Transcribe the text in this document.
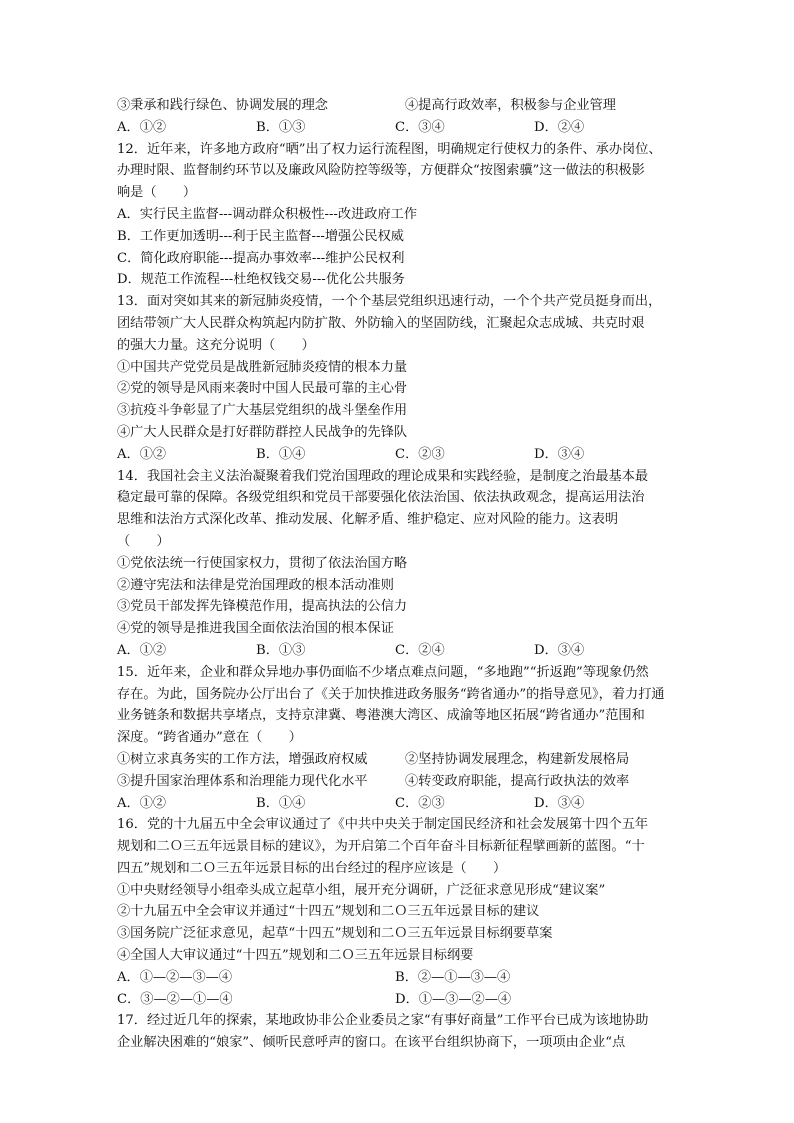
③秉承和践行绿色、协调发展的理念	④提高行政效率，积极参与企业管理
A．①②	B．①③	C．③④	D．②④
12．近年来，许多地方政府“晒”出了权力运行流程图，明确规定行使权力的条件、承办岗位、
办理时限、监督制约环节以及廉政风险防控等级等，方便群众“按图索骥”这一做法的积极影
响是（　　）
A．实行民主监督---调动群众积极性---改进政府工作
B．工作更加透明---利于民主监督---增强公民权威
C．简化政府职能---提高办事效率---维护公民权利
D．规范工作流程---杜绝权钱交易---优化公共服务
13．面对突如其来的新冠肺炎疫情，一个个基层党组织迅速行动，一个个共产党员挺身而出，
团结带领广大人民群众构筑起内防扩散、外防输入的坚固防线，汇聚起众志成城、共克时艰
的强大力量。这充分说明（　　）
①中国共产党党员是战胜新冠肺炎疫情的根本力量
②党的领导是风雨来袭时中国人民最可靠的主心骨
③抗疫斗争彰显了广大基层党组织的战斗堡垒作用
④广大人民群众是打好群防群控人民战争的先锋队
A．①②	B．①④	C．②③	D．③④
14．我国社会主义法治凝聚着我们党治国理政的理论成果和实践经验，是制度之治最基本最
稳定最可靠的保障。各级党组织和党员干部要强化依法治国、依法执政观念，提高运用法治
思维和法治方式深化改革、推动发展、化解矛盾、维护稳定、应对风险的能力。这表明
（　　）
①党依法统一行使国家权力，贯彻了依法治国方略
②遵守宪法和法律是党治国理政的根本活动准则
③党员干部发挥先锋模范作用，提高执法的公信力
④党的领导是推进我国全面依法治国的根本保证
A．①②	B．①③	C．②④	D．③④
15．近年来，企业和群众异地办事仍面临不少堵点难点问题，“多地跑”“折返跑”等现象仍然
存在。为此，国务院办公厅出台了《关于加快推进政务服务“跨省通办”的指导意见》，着力打通
业务链条和数据共享堵点，支持京津冀、粤港澳大湾区、成渝等地区拓展“跨省通办”范围和
深度。“跨省通办”意在（　　）
①树立求真务实的工作方法，增强政府权威	②坚持协调发展理念，构建新发展格局
③提升国家治理体系和治理能力现代化水平	④转变政府职能，提高行政执法的效率
A．①②	B．①④	C．②③	D．③④
16．党的十九届五中全会审议通过了《中共中央关于制定国民经济和社会发展第十四个五年
规划和二Ｏ三五年远景目标的建议》，为开启第二个百年奋斗目标新征程擘画新的蓝图。“十
四五”规划和二Ｏ三五年远景目标的出台经过的程序应该是（　　）
①中央财经领导小组牵头成立起草小组，展开充分调研，广泛征求意见形成“建议案”
②十九届五中全会审议并通过“十四五”规划和二Ｏ三五年远景目标的建议
③国务院广泛征求意见，起草“十四五”规划和二Ｏ三五年远景目标纲要草案
④全国人大审议通过“十四五”规划和二Ｏ三五年远景目标纲要
A．①—②—③—④	B．②—①—③—④
C．③—②—①—④	D．①—③—②—④
17．经过近几年的探索，某地政协非公企业委员之家“有事好商量”工作平台已成为该地协助
企业解决困难的“娘家”、倾听民意呼声的窗口。在该平台组织协商下，一项项由企业“点
